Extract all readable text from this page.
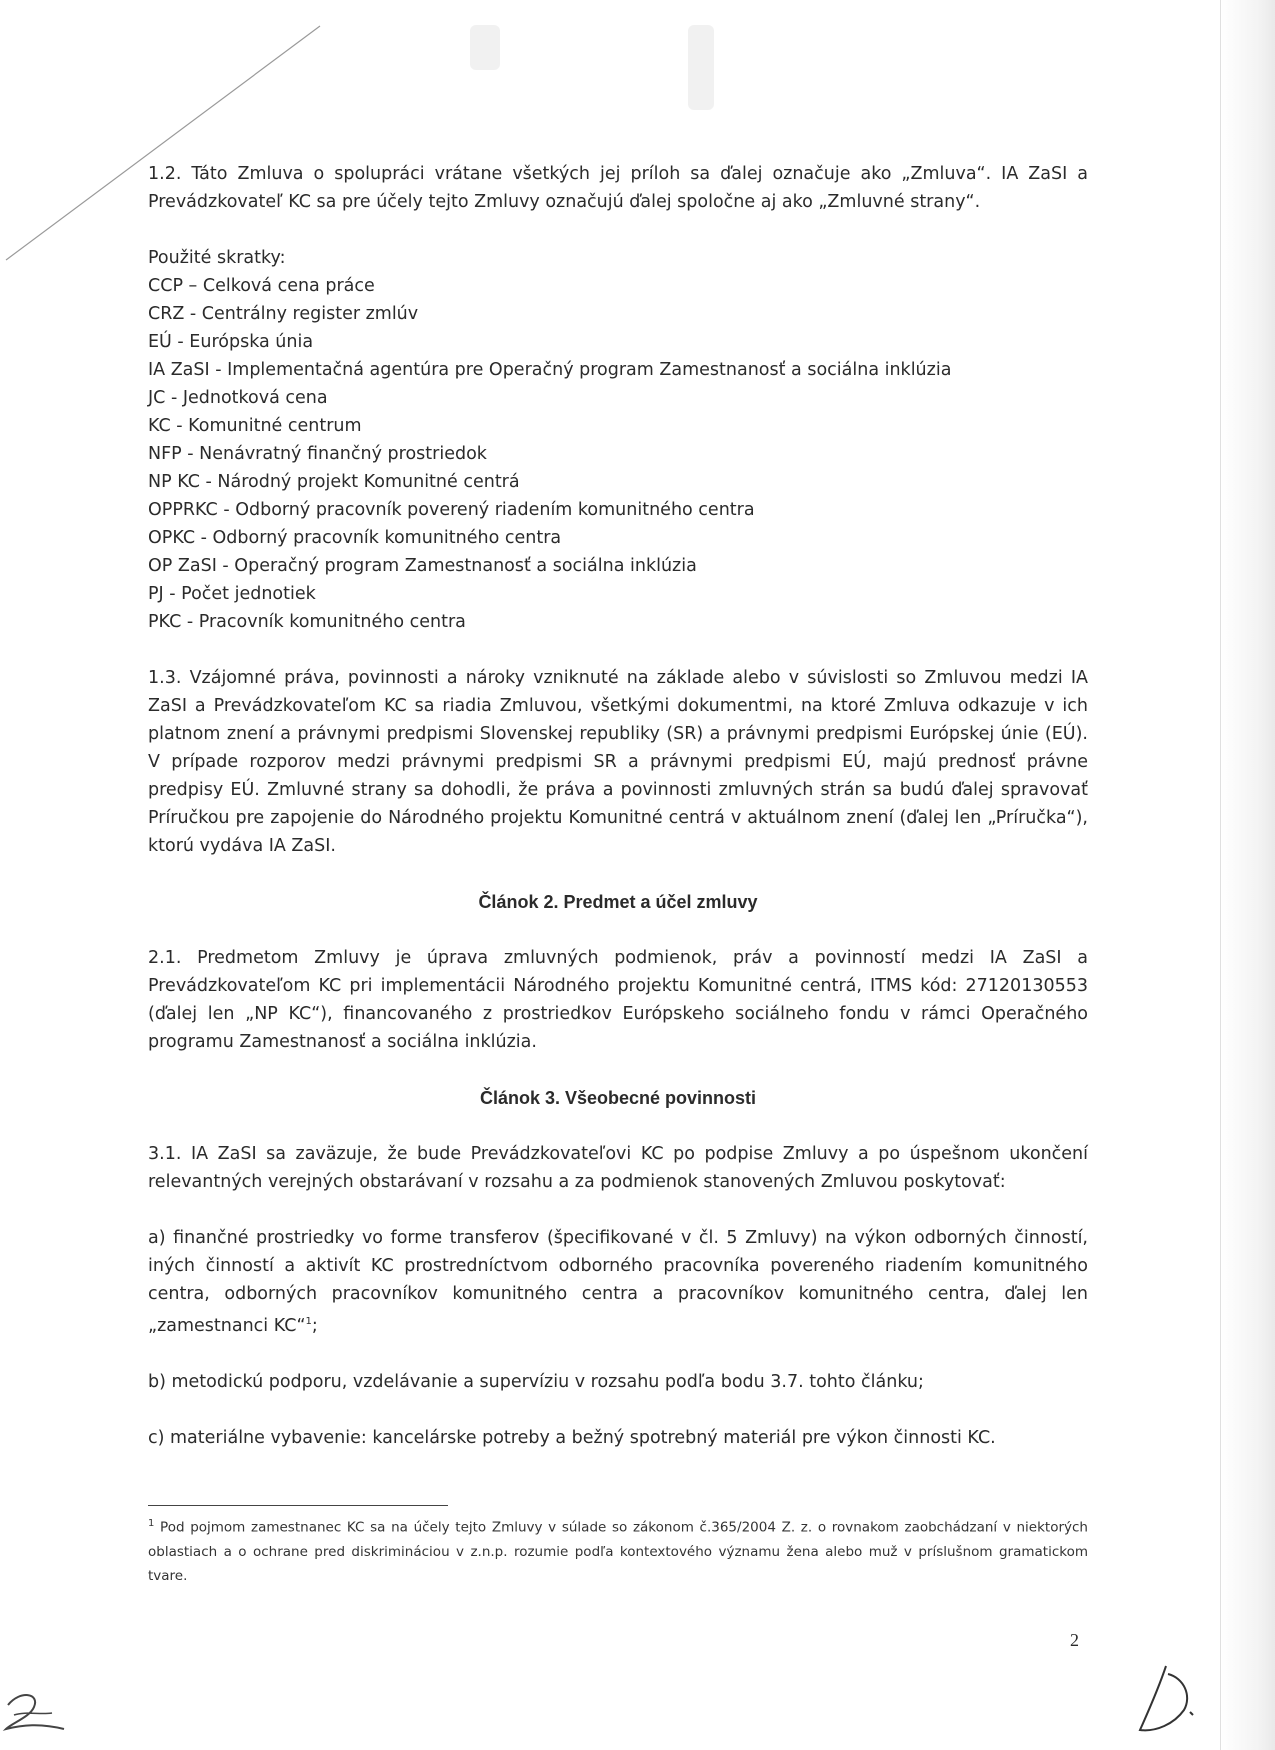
1.2. Táto Zmluva o spolupráci vrátane všetkých jej príloh sa ďalej označuje ako „Zmluva“. IA ZaSI a Prevádzkovateľ KC sa pre účely tejto Zmluvy označujú ďalej spoločne aj ako „Zmluvné strany“.

Použité skratky:
CCP – Celková cena práce
CRZ - Centrálny register zmlúv
EÚ - Európska únia
IA ZaSI - Implementačná agentúra pre Operačný program Zamestnanosť a sociálna inklúzia
JC - Jednotková cena
KC - Komunitné centrum
NFP - Nenávratný finančný prostriedok
NP KC - Národný projekt Komunitné centrá
OPPRKC - Odborný pracovník poverený riadením komunitného centra
OPKC - Odborný pracovník komunitného centra
OP ZaSI - Operačný program Zamestnanosť a sociálna inklúzia
PJ - Počet jednotiek
PKC - Pracovník komunitného centra

1.3. Vzájomné práva, povinnosti a nároky vzniknuté na základe alebo v súvislosti so Zmluvou medzi IA ZaSI a Prevádzkovateľom KC sa riadia Zmluvou, všetkými dokumentmi, na ktoré Zmluva odkazuje v ich platnom znení a právnymi predpismi Slovenskej republiky (SR) a právnymi predpismi Európskej únie (EÚ). V prípade rozporov medzi právnymi predpismi SR a právnymi predpismi EÚ, majú prednosť právne predpisy EÚ. Zmluvné strany sa dohodli, že práva a povinnosti zmluvných strán sa budú ďalej spravovať Príručkou pre zapojenie do Národného projektu Komunitné centrá v aktuálnom znení (ďalej len „Príručka“), ktorú vydáva IA ZaSI.

Článok 2. Predmet a účel zmluvy

2.1. Predmetom Zmluvy je úprava zmluvných podmienok, práv a povinností medzi IA ZaSI a Prevádzkovateľom KC pri implementácii Národného projektu Komunitné centrá, ITMS kód: 27120130553 (ďalej len „NP KC“), financovaného z prostriedkov Európskeho sociálneho fondu v rámci Operačného programu Zamestnanosť a sociálna inklúzia.

Článok 3. Všeobecné povinnosti

3.1. IA ZaSI sa zaväzuje, že bude Prevádzkovateľovi KC po podpise Zmluvy a po úspešnom ukončení relevantných verejných obstarávaní v rozsahu a za podmienok stanovených Zmluvou poskytovať:

a) finančné prostriedky vo forme transferov (špecifikované v čl. 5 Zmluvy) na výkon odborných činností, iných činností a aktivít KC prostredníctvom odborného pracovníka povereného riadením komunitného centra, odborných pracovníkov komunitného centra a pracovníkov komunitného centra, ďalej len „zamestnanci KC“$^1$;

b) metodickú podporu, vzdelávanie a supervíziu v rozsahu podľa bodu 3.7. tohto článku;

c) materiálne vybavenie: kancelárske potreby a bežný spotrebný materiál pre výkon činnosti KC.

$^1$ Pod pojmom zamestnanec KC sa na účely tejto Zmluvy v súlade so zákonom č.365/2004 Z. z. o rovnakom zaobchádzaní v niektorých oblastiach a o ochrane pred diskrimináciou v z.n.p. rozumie podľa kontextového významu žena alebo muž v príslušnom gramatickom tvare.
2
